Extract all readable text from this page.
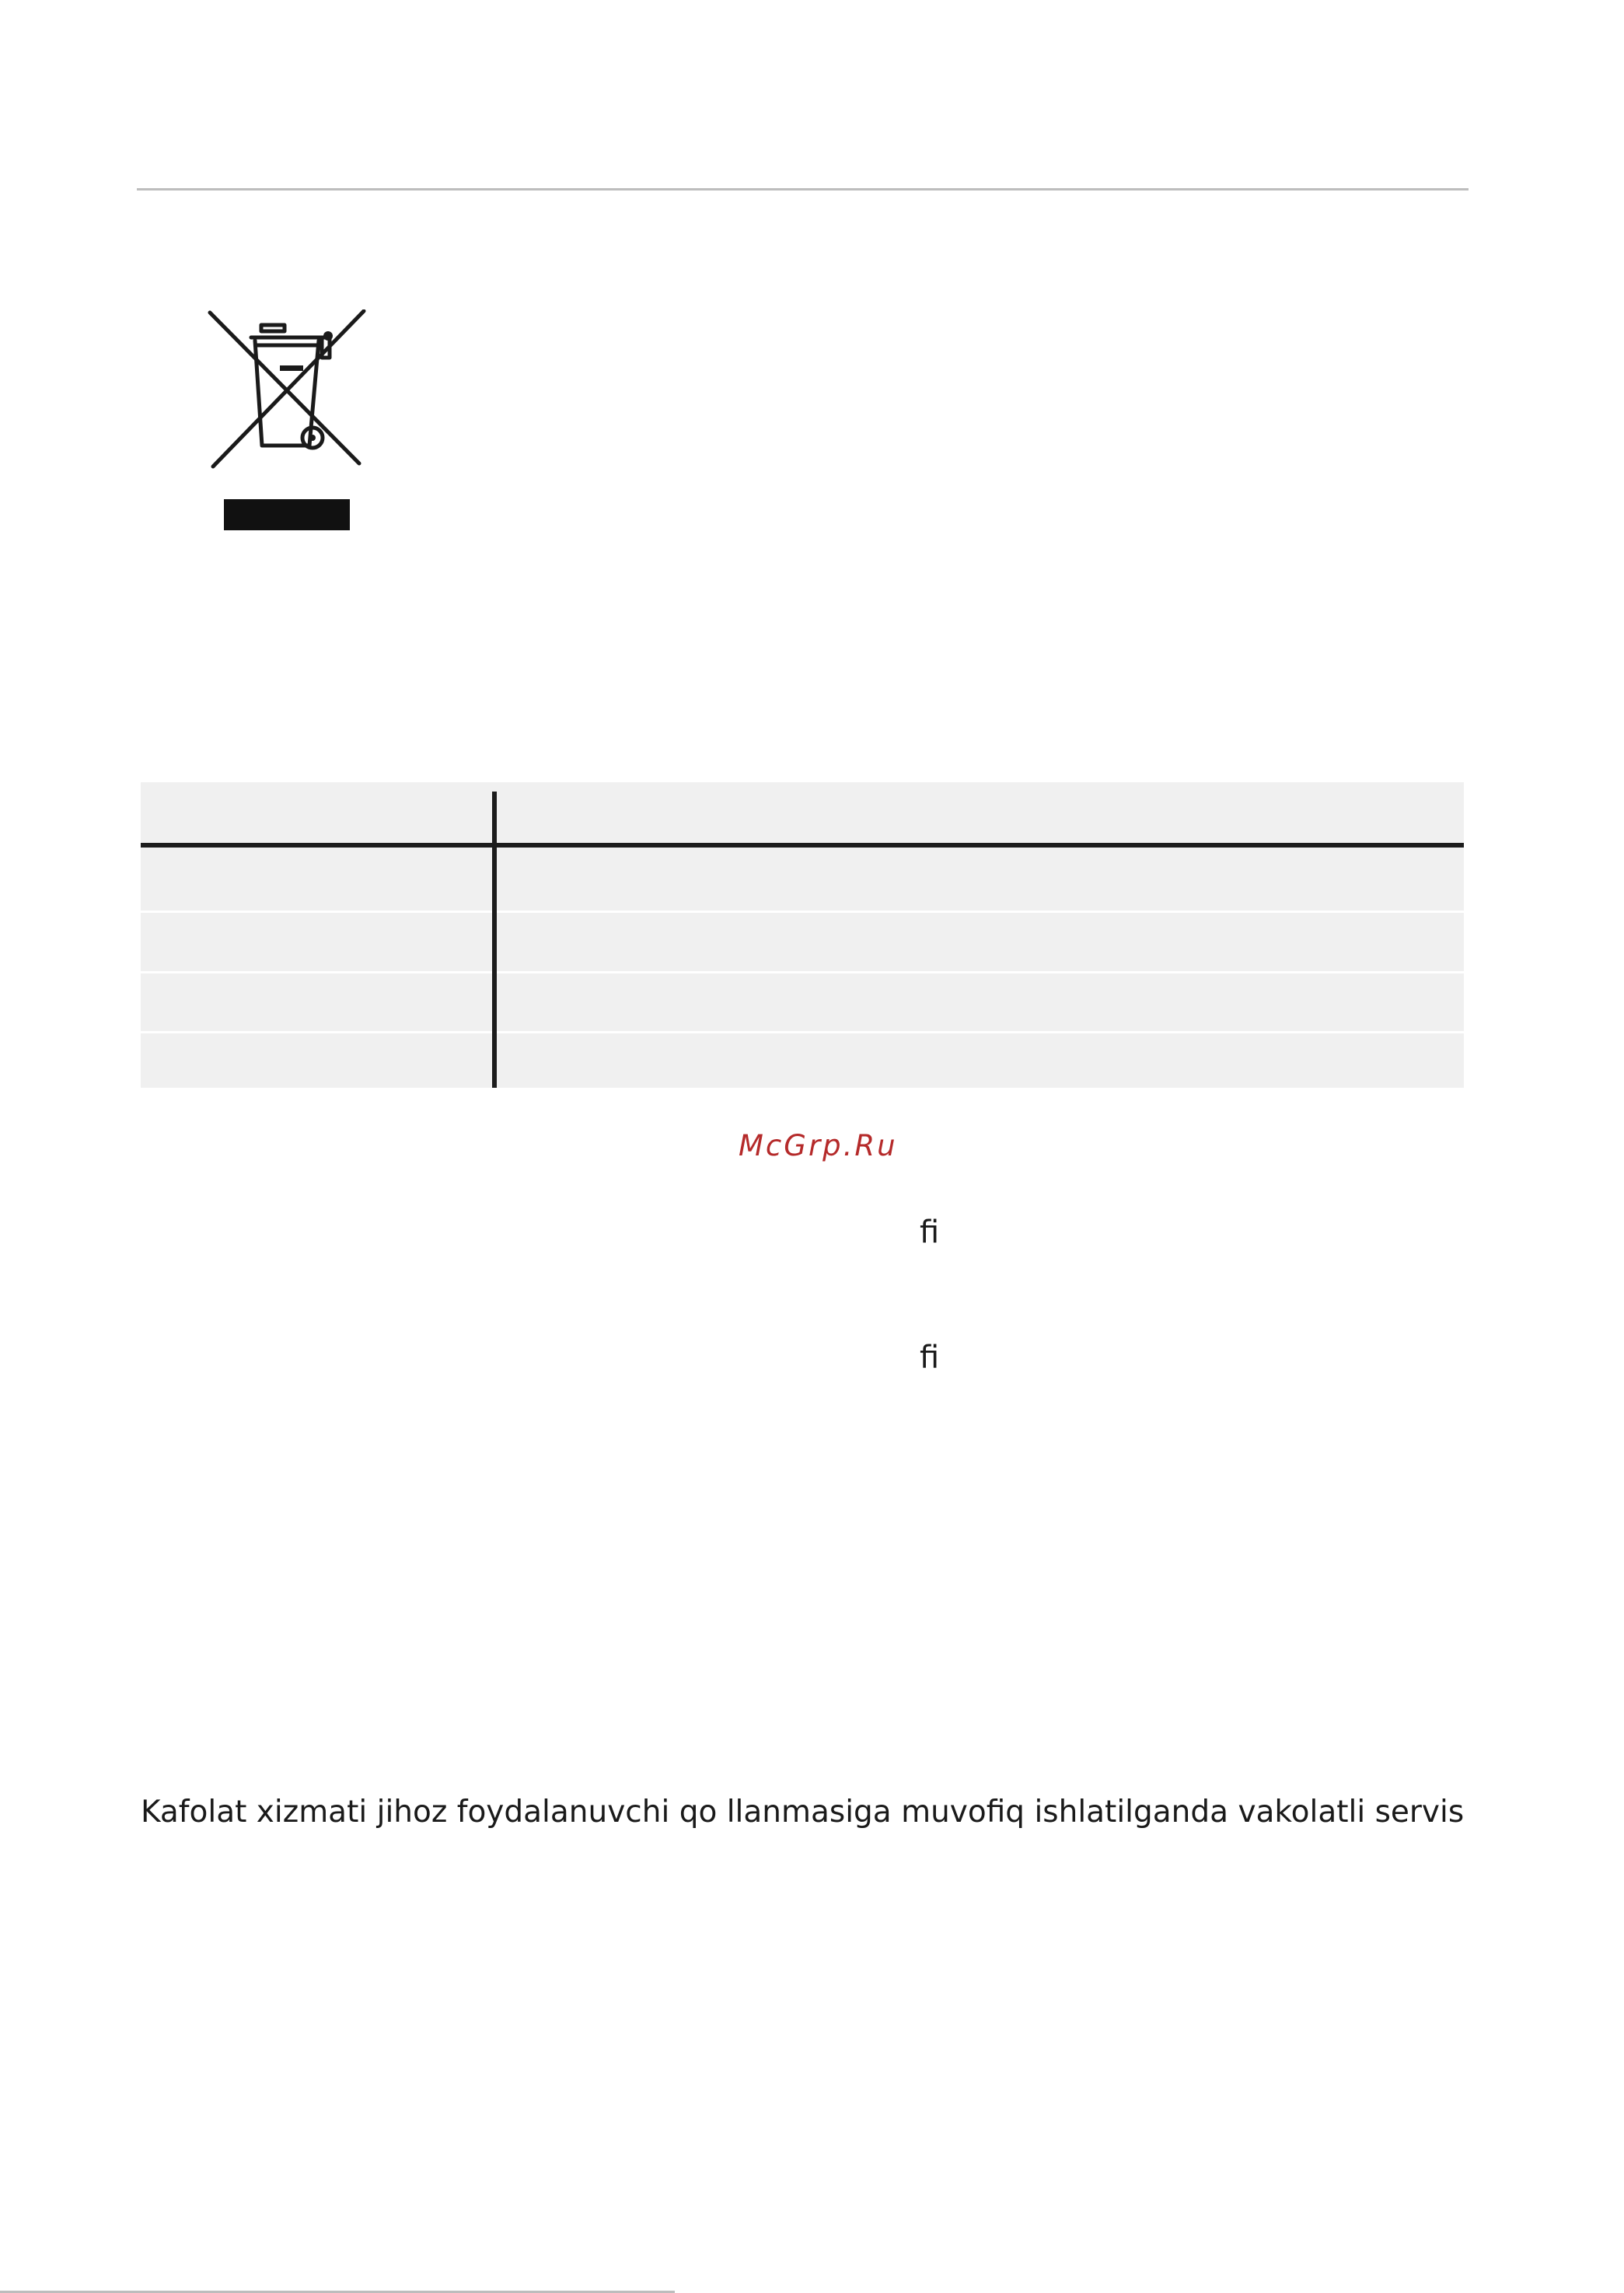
McGrp.Ru
ﬁ
ﬁ
Kafolat xizmati jihoz foydalanuvchi qo llanmasiga muvofiq ishlatilganda vakolatli servis
